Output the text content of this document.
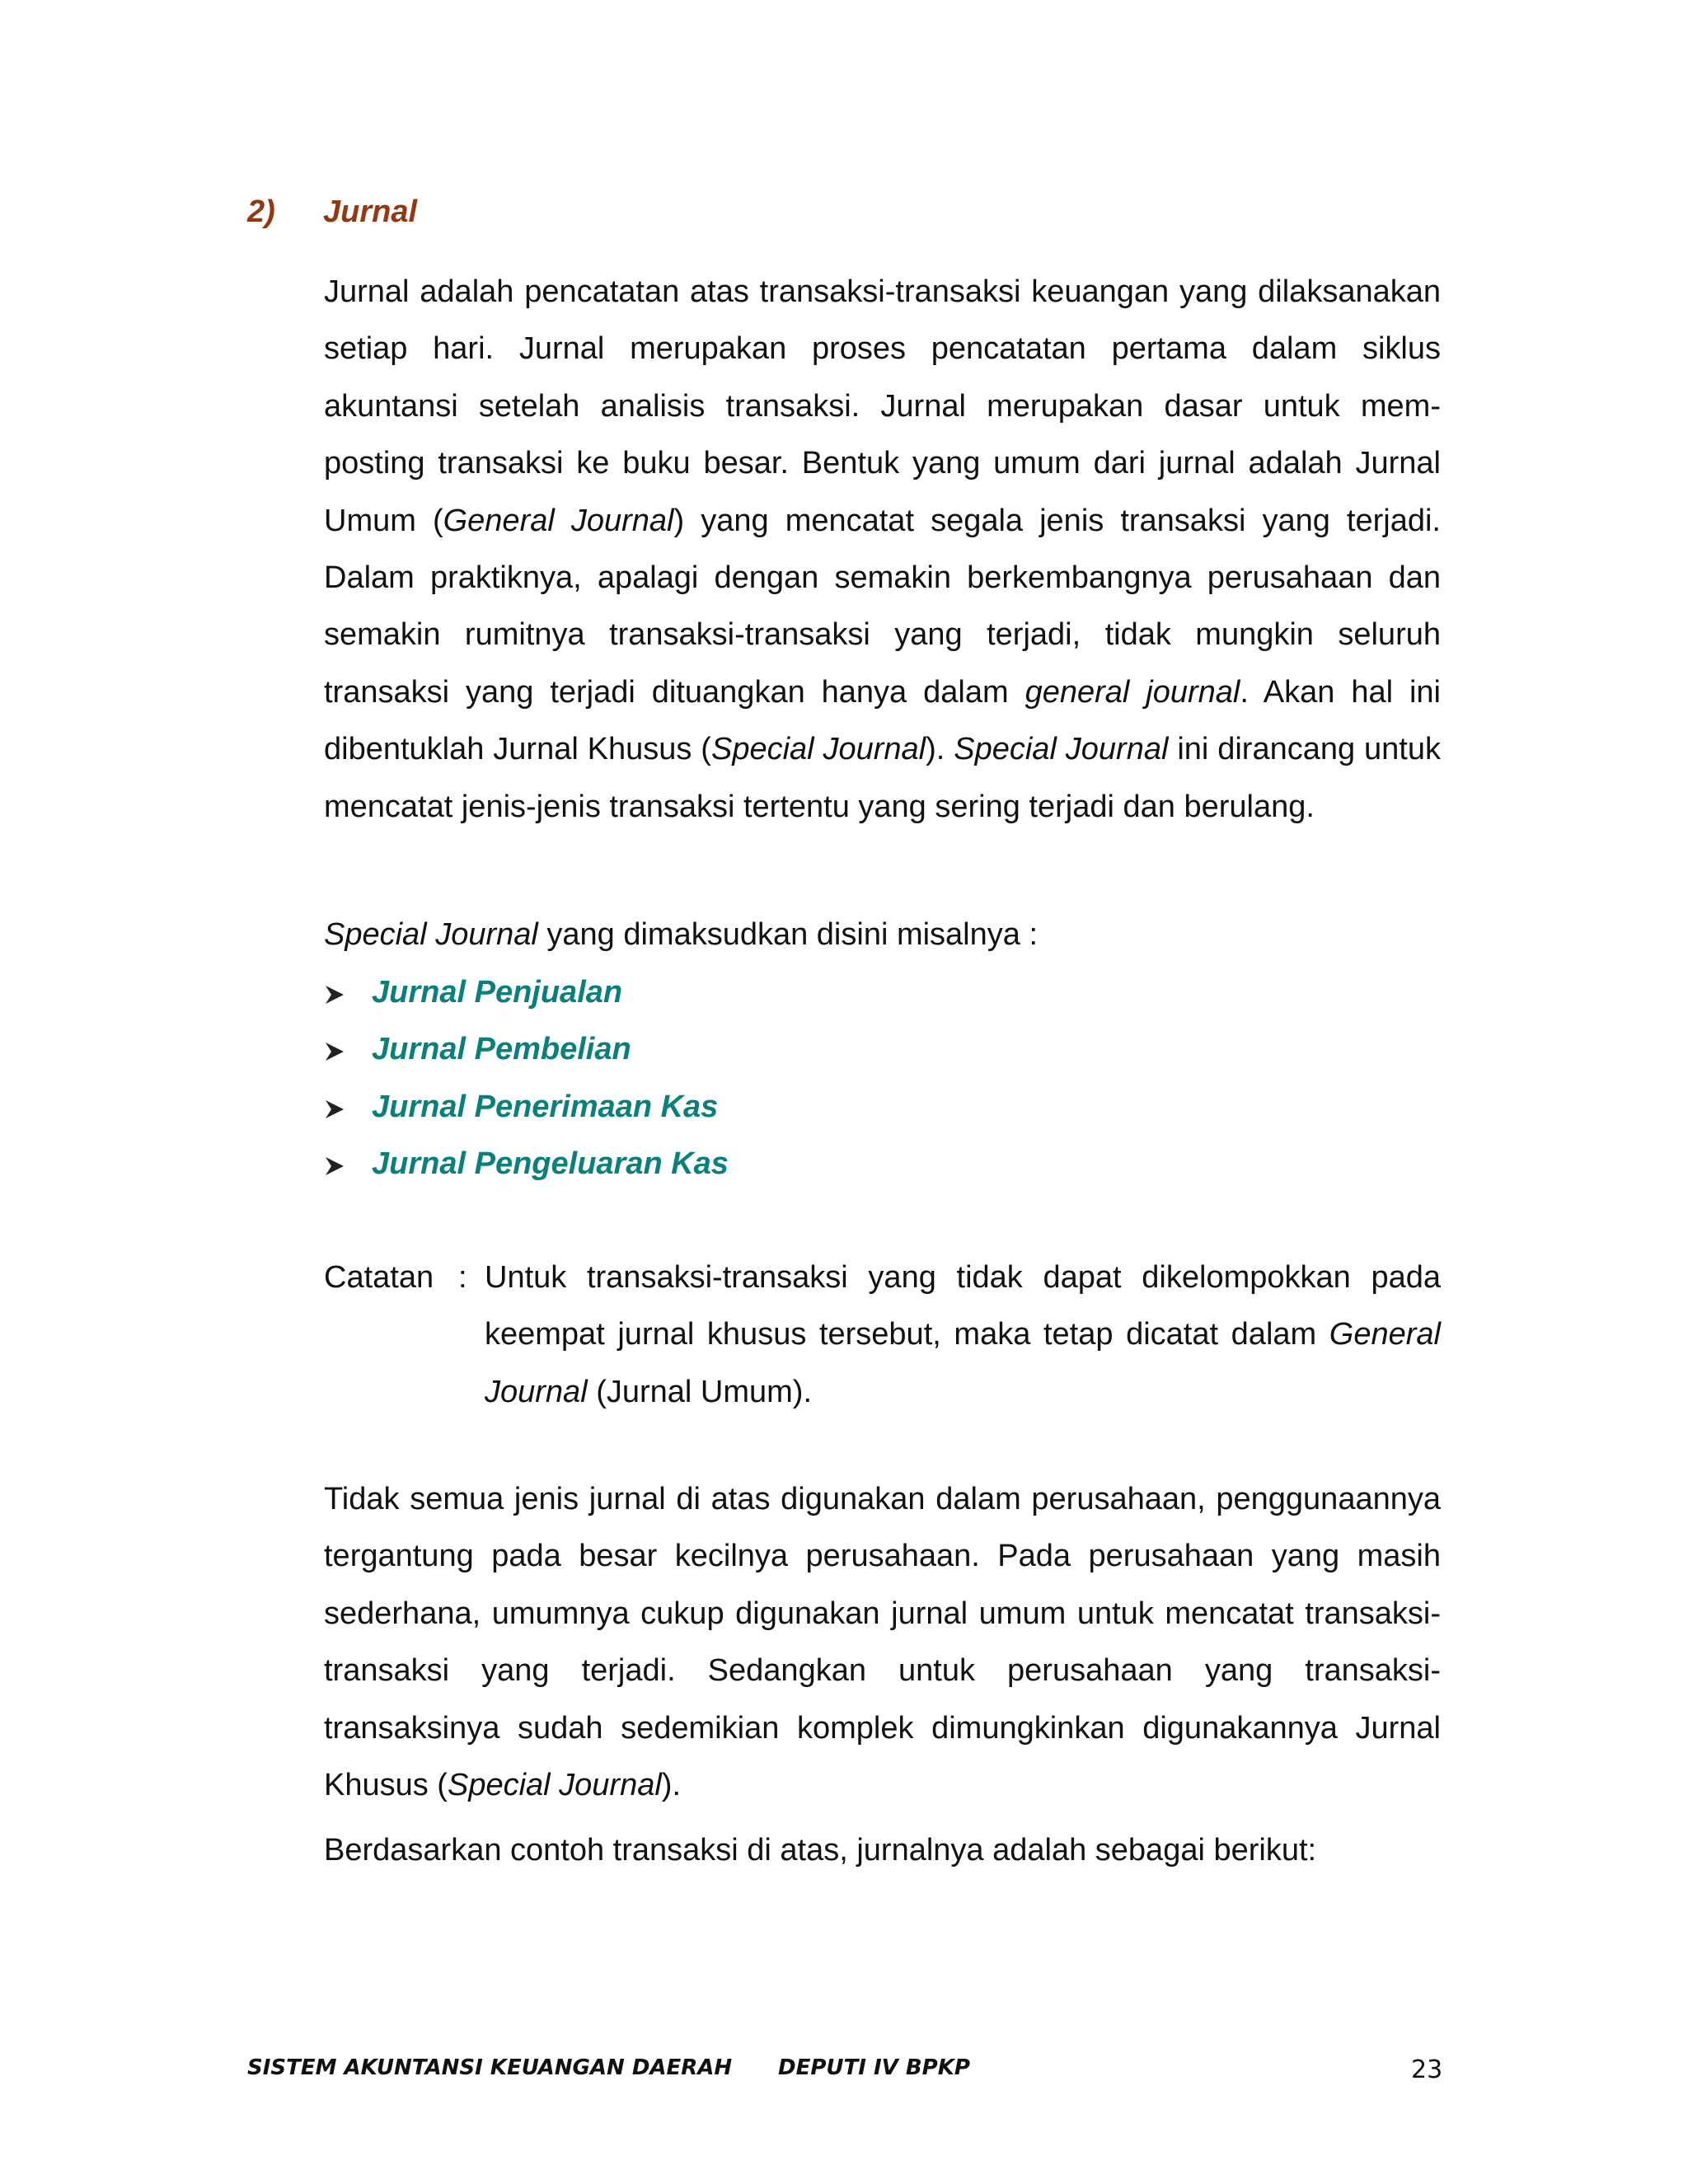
2) Jurnal

Jurnal adalah pencatatan atas transaksi-transaksi keuangan yang dilaksanakan setiap hari. Jurnal merupakan proses pencatatan pertama dalam siklus akuntansi setelah analisis transaksi. Jurnal merupakan dasar untuk mem-posting transaksi ke buku besar. Bentuk yang umum dari jurnal adalah Jurnal Umum (General Journal) yang mencatat segala jenis transaksi yang terjadi. Dalam praktiknya, apalagi dengan semakin berkembangnya perusahaan dan semakin rumitnya transaksi-transaksi yang terjadi, tidak mungkin seluruh transaksi yang terjadi dituangkan hanya dalam general journal. Akan hal ini dibentuklah Jurnal Khusus (Special Journal). Special Journal ini dirancang untuk mencatat jenis-jenis transaksi tertentu yang sering terjadi dan berulang.

Special Journal yang dimaksudkan disini misalnya :
Jurnal Penjualan
Jurnal Pembelian
Jurnal Penerimaan Kas
Jurnal Pengeluaran Kas
Catatan : Untuk transaksi-transaksi yang tidak dapat dikelompokkan pada keempat jurnal khusus tersebut, maka tetap dicatat dalam General Journal (Jurnal Umum).

Tidak semua jenis jurnal di atas digunakan dalam perusahaan, penggunaannya tergantung pada besar kecilnya perusahaan. Pada perusahaan yang masih sederhana, umumnya cukup digunakan jurnal umum untuk mencatat transaksi-transaksi yang terjadi. Sedangkan untuk perusahaan yang transaksi-transaksinya sudah sedemikian komplek dimungkinkan digunakannya Jurnal Khusus (Special Journal).

Berdasarkan contoh transaksi di atas, jurnalnya adalah sebagai berikut:
SISTEM AKUNTANSI KEUANGAN DAERAH DEPUTI IV BPKP	23
